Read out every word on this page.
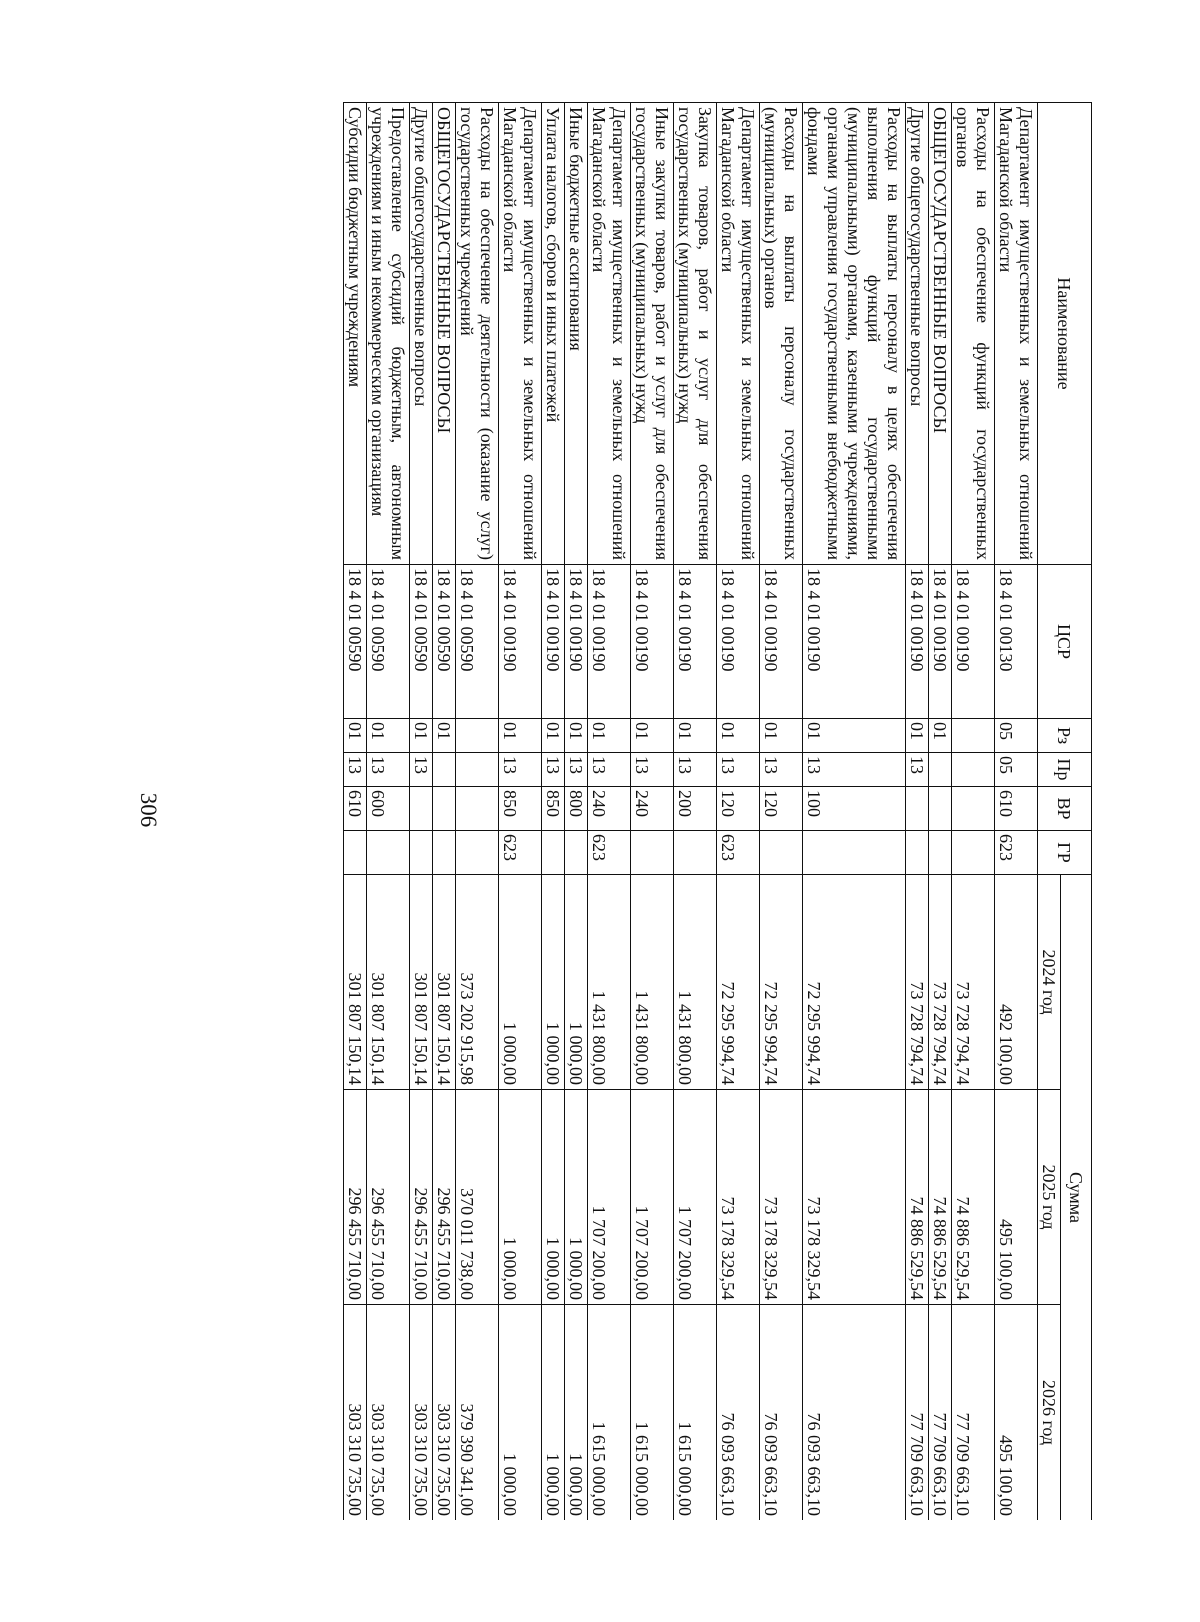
306
Наименование	ЦСР	Рз	Пр	ВР	ГР	Сумма		
						2024 год	2025 год	2026 год
Департамент имущественных и земельных отношений Магаданской области	18 4 01 00130	05	05	610	623	492 100,00	495 100,00	495 100,00
Расходы на обеспечение функций государственных органов	18 4 01 00190					73 728 794,74	74 886 529,54	77 709 663,10
ОБЩЕГОСУДАРСТВЕННЫЕ ВОПРОСЫ	18 4 01 00190	01				73 728 794,74	74 886 529,54	77 709 663,10
Другие общегосударственные вопросы	18 4 01 00190	01	13			73 728 794,74	74 886 529,54	77 709 663,10
Расходы на выплаты персоналу в целях обеспечения выполнения функций государственными (муниципальными) органами, казенными учреждениями, органами управления государственными внебюджетными фондами	18 4 01 00190	01	13	100		72 295 994,74	73 178 329,54	76 093 663,10
Расходы на выплаты персоналу государственных (муниципальных) органов	18 4 01 00190	01	13	120		72 295 994,74	73 178 329,54	76 093 663,10
Департамент имущественных и земельных отношений Магаданской области	18 4 01 00190	01	13	120	623	72 295 994,74	73 178 329,54	76 093 663,10
Закупка товаров, работ и услуг для обеспечения государственных (муниципальных) нужд	18 4 01 00190	01	13	200		1 431 800,00	1 707 200,00	1 615 000,00
Иные закупки товаров, работ и услуг для обеспечения государственных (муниципальных) нужд	18 4 01 00190	01	13	240		1 431 800,00	1 707 200,00	1 615 000,00
Департамент имущественных и земельных отношений Магаданской области	18 4 01 00190	01	13	240	623	1 431 800,00	1 707 200,00	1 615 000,00
Иные бюджетные ассигнования	18 4 01 00190	01	13	800		1 000,00	1 000,00	1 000,00
Уплата налогов, сборов и иных платежей	18 4 01 00190	01	13	850		1 000,00	1 000,00	1 000,00
Департамент имущественных и земельных отношений Магаданской области	18 4 01 00190	01	13	850	623	1 000,00	1 000,00	1 000,00
Расходы на обеспечение деятельности (оказание услуг) государственных учреждений	18 4 01 00590					373 202 915,98	370 011 738,00	379 390 341,00
ОБЩЕГОСУДАРСТВЕННЫЕ ВОПРОСЫ	18 4 01 00590	01				301 807 150,14	296 455 710,00	303 310 735,00
Другие общегосударственные вопросы	18 4 01 00590	01	13			301 807 150,14	296 455 710,00	303 310 735,00
Предоставление субсидий бюджетным, автономным учреждениям и иным некоммерческим организациям	18 4 01 00590	01	13	600		301 807 150,14	296 455 710,00	303 310 735,00
Субсидии бюджетным учреждениям	18 4 01 00590	01	13	610		301 807 150,14	296 455 710,00	303 310 735,00
